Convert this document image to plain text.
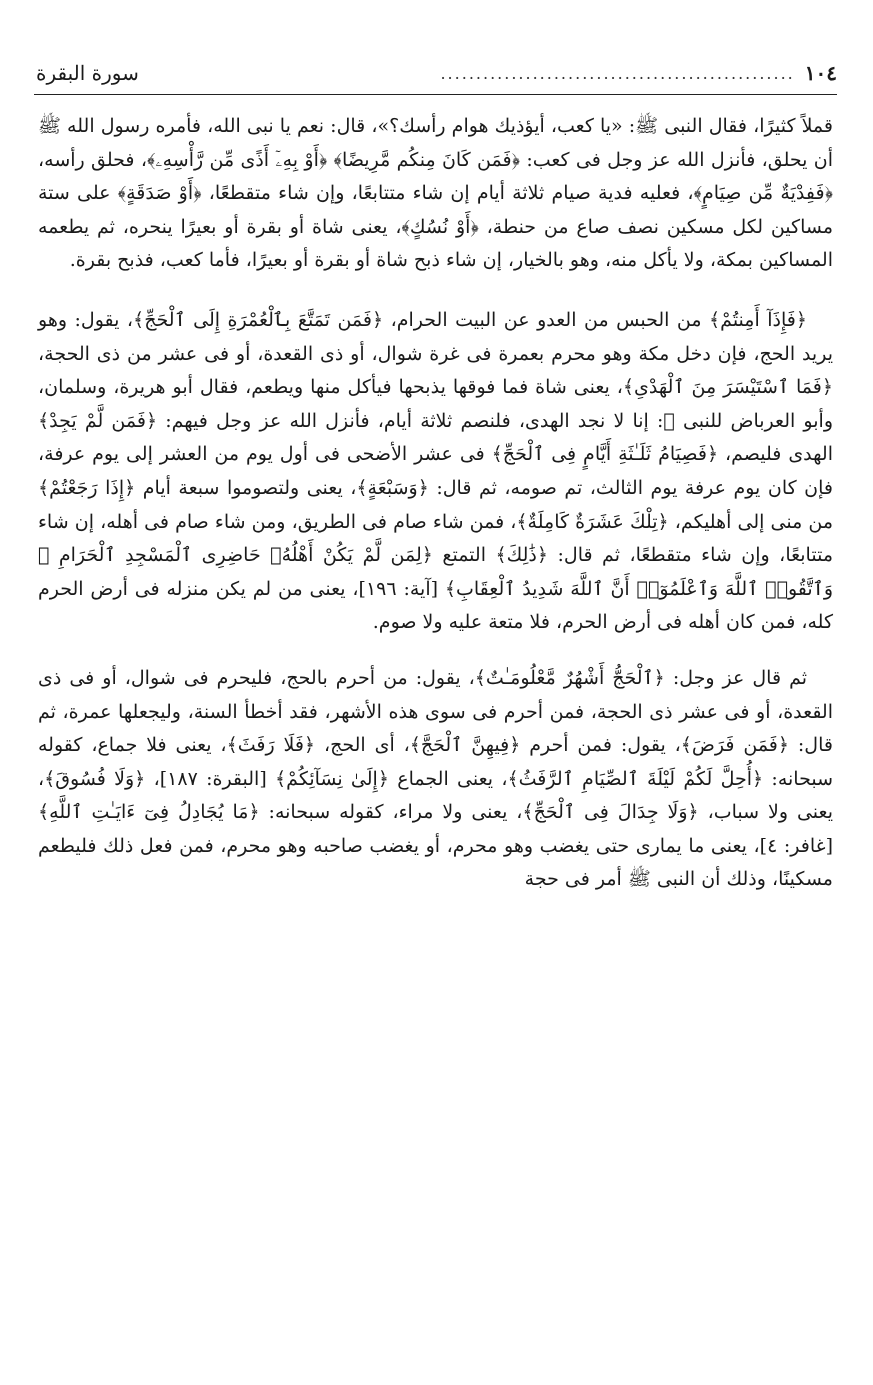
١٠٤
..................................................
سورة البقرة

قملاً كثيرًا، فقال النبى ﷺ: «يا كعب، أيؤذيك هوام رأسك؟»، قال: نعم يا نبى الله، فأمره رسول الله ﷺ أن يحلق، فأنزل الله عز وجل فى كعب: ﴿فَمَن كَانَ مِنكُم مَّرِيضًا﴾ ﴿أَوْ بِهِۦٓ أَذًى مِّن رَّأْسِهِۦ﴾، فحلق رأسه، ﴿فَفِدْيَةٌ مِّن صِيَامٍ﴾، فعليه فدية صيام ثلاثة أيام إن شاء متتابعًا، وإن شاء متقطعًا، ﴿أَوْ صَدَقَةٍ﴾ على ستة مساكين لكل مسكين نصف صاع من حنطة، ﴿أَوْ نُسُكٍ﴾، يعنى شاة أو بقرة أو بعيرًا ينحره، ثم يطعمه المساكين بمكة، ولا يأكل منه، وهو بالخيار، إن شاء ذبح شاة أو بقرة أو بعيرًا، فأما كعب، فذبح بقرة.

﴿فَإِذَآ أَمِنتُمْ﴾ من الحبس من العدو عن البيت الحرام، ﴿فَمَن تَمَتَّعَ بِٱلْعُمْرَةِ إِلَى ٱلْحَجِّ﴾، يقول: وهو يريد الحج، فإن دخل مكة وهو محرم بعمرة فى غرة شوال، أو ذى القعدة، أو فى عشر من ذى الحجة، ﴿فَمَا ٱسْتَيْسَرَ مِنَ ٱلْهَدْىِ﴾، يعنى شاة فما فوقها يذبحها فيأكل منها ويطعم، فقال أبو هريرة، وسلمان، وأبو العرباض للنبى ﷺ: إنا لا نجد الهدى، فلنصم ثلاثة أيام، فأنزل الله عز وجل فيهم: ﴿فَمَن لَّمْ يَجِدْ﴾ الهدى فليصم، ﴿فَصِيَامُ ثَلَـٰثَةِ أَيَّامٍ فِى ٱلْحَجِّ﴾ فى عشر الأضحى فى أول يوم من العشر إلى يوم عرفة، فإن كان يوم عرفة يوم الثالث، تم صومه، ثم قال: ﴿وَسَبْعَةٍ﴾، يعنى ولتصوموا سبعة أيام ﴿إِذَا رَجَعْتُمْ﴾ من منى إلى أهليكم، ﴿تِلْكَ عَشَرَةٌ كَامِلَةٌ﴾، فمن شاء صام فى الطريق، ومن شاء صام فى أهله، إن شاء متتابعًا، وإن شاء متقطعًا، ثم قال: ﴿ذَٰلِكَ﴾ التمتع ﴿لِمَن لَّمْ يَكُنْ أَهْلُهُۥ حَاضِرِى ٱلْمَسْجِدِ ٱلْحَرَامِ ۚ وَٱتَّقُوا۟ ٱللَّهَ وَٱعْلَمُوٓا۟ أَنَّ ٱللَّهَ شَدِيدُ ٱلْعِقَابِ﴾ [آية: ١٩٦]، يعنى من لم يكن منزله فى أرض الحرم كله، فمن كان أهله فى أرض الحرم، فلا متعة عليه ولا صوم.

ثم قال عز وجل: ﴿ٱلْحَجُّ أَشْهُرٌ مَّعْلُومَـٰتٌ﴾، يقول: من أحرم بالحج، فليحرم فى شوال، أو فى ذى القعدة، أو فى عشر ذى الحجة، فمن أحرم فى سوى هذه الأشهر، فقد أخطأ السنة، وليجعلها عمرة، ثم قال: ﴿فَمَن فَرَضَ﴾، يقول: فمن أحرم ﴿فِيهِنَّ ٱلْحَجَّ﴾، أى الحج، ﴿فَلَا رَفَثَ﴾، يعنى فلا جماع، كقوله سبحانه: ﴿أُحِلَّ لَكُمْ لَيْلَةَ ٱلصِّيَامِ ٱلرَّفَثُ﴾، يعنى الجماع ﴿إِلَىٰ نِسَآئِكُمْ﴾ [البقرة: ١٨٧]، ﴿وَلَا فُسُوقَ﴾، يعنى ولا سباب، ﴿وَلَا جِدَالَ فِى ٱلْحَجِّ﴾، يعنى ولا مراء، كقوله سبحانه: ﴿مَا يُجَادِلُ فِىٓ ءَايَـٰتِ ٱللَّهِ﴾ [غافر: ٤]، يعنى ما يمارى حتى يغضب وهو محرم، أو يغضب صاحبه وهو محرم، فمن فعل ذلك فليطعم مسكينًا، وذلك أن النبى ﷺ أمر فى حجة
